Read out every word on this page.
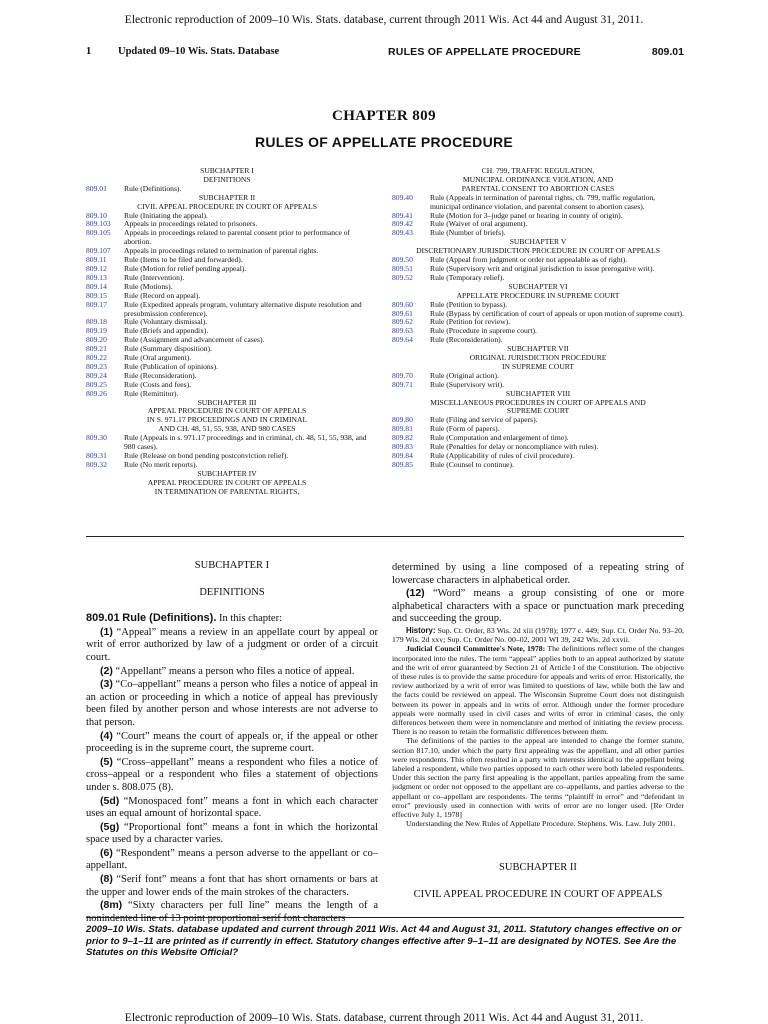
Electronic reproduction of 2009–10 Wis. Stats. database, current through 2011 Wis. Act 44 and August 31, 2011.
1	Updated 09–10 Wis. Stats. Database	RULES OF APPELLATE PROCEDURE	809.01
CHAPTER 809
RULES OF APPELLATE PROCEDURE
SUBCHAPTER I
DEFINITIONS
809.01	Rule (Definitions).
SUBCHAPTER II
CIVIL APPEAL PROCEDURE IN COURT OF APPEALS
809.10	Rule (Initiating the appeal).
809.103	Appeals in proceedings related to prisoners.
809.105	Appeals in proceedings related to parental consent prior to performance of abortion.
809.107	Appeals in proceedings related to termination of parental rights.
809.11	Rule (Items to be filed and forwarded).
809.12	Rule (Motion for relief pending appeal).
809.13	Rule (Intervention).
809.14	Rule (Motions).
809.15	Rule (Record on appeal).
809.17	Rule (Expedited appeals program, voluntary alternative dispute resolution and presubmission conference).
809.18	Rule (Voluntary dismissal).
809.19	Rule (Briefs and appendix).
809.20	Rule (Assignment and advancement of cases).
809.21	Rule (Summary disposition).
809.22	Rule (Oral argument).
809.23	Rule (Publication of opinions).
809.24	Rule (Reconsideration).
809.25	Rule (Costs and fees).
809.26	Rule (Remittitur).
SUBCHAPTER III
APPEAL PROCEDURE IN COURT OF APPEALS
IN S. 971.17 PROCEEDINGS AND IN CRIMINAL
AND CH. 48, 51, 55, 938, AND 980 CASES
809.30	Rule (Appeals in s. 971.17 proceedings and in criminal, ch. 48, 51, 55, 938, and 980 cases).
809.31	Rule (Release on bond pending postconviction relief).
809.32	Rule (No merit reports).
SUBCHAPTER IV
APPEAL PROCEDURE IN COURT OF APPEALS
IN TERMINATION OF PARENTAL RIGHTS,
CH. 799, TRAFFIC REGULATION,
MUNICIPAL ORDINANCE VIOLATION, AND
PARENTAL CONSENT TO ABORTION CASES
809.40	Rule (Appeals in termination of parental rights, ch. 799, traffic regulation, municipal ordinance violation, and parental consent to abortion cases).
809.41	Rule (Motion for 3–judge panel or hearing in county of origin).
809.42	Rule (Waiver of oral argument).
809.43	Rule (Number of briefs).
SUBCHAPTER V
DISCRETIONARY JURISDICTION PROCEDURE IN COURT OF APPEALS
809.50	Rule (Appeal from judgment or order not appealable as of right).
809.51	Rule (Supervisory writ and original jurisdiction to issue prerogative writ).
809.52	Rule (Temporary relief).
SUBCHAPTER VI
APPELLATE PROCEDURE IN SUPREME COURT
809.60	Rule (Petition to bypass).
809.61	Rule (Bypass by certification of court of appeals or upon motion of supreme court).
809.62	Rule (Petition for review).
809.63	Rule (Procedure in supreme court).
809.64	Rule (Reconsideration).
SUBCHAPTER VII
ORIGINAL JURISDICTION PROCEDURE
IN SUPREME COURT
809.70	Rule (Original action).
809.71	Rule (Supervisory writ).
SUBCHAPTER VIII
MISCELLANEOUS PROCEDURES IN COURT OF APPEALS AND
SUPREME COURT
809.80	Rule (Filing and service of papers).
809.81	Rule (Form of papers).
809.82	Rule (Computation and enlargement of time).
809.83	Rule (Penalties for delay or noncompliance with rules).
809.84	Rule (Applicability of rules of civil procedure).
809.85	Rule (Counsel to continue).

SUBCHAPTER I

DEFINITIONS

809.01 Rule (Definitions). In this chapter:

(1) “Appeal” means a review in an appellate court by appeal or writ of error authorized by law of a judgment or order of a circuit court.

(2) “Appellant” means a person who files a notice of appeal.

(3) “Co–appellant” means a person who files a notice of appeal in an action or proceeding in which a notice of appeal has previously been filed by another person and whose interests are not adverse to that person.

(4) “Court” means the court of appeals or, if the appeal or other proceeding is in the supreme court, the supreme court.

(5) “Cross–appellant” means a respondent who files a notice of cross–appeal or a respondent who files a statement of objections under s. 808.075 (8).

(5d) “Monospaced font” means a font in which each character uses an equal amount of horizontal space.

(5g) “Proportional font” means a font in which the horizontal space used by a character varies.

(6) “Respondent” means a person adverse to the appellant or co–appellant.

(8) “Serif font” means a font that has short ornaments or bars at the upper and lower ends of the main strokes of the characters.

(8m) “Sixty characters per full line” means the length of a nonindented line of 13 point proportional serif font characters

determined by using a line composed of a repeating string of lowercase characters in alphabetical order.

(12) “Word” means a group consisting of one or more alphabetical characters with a space or punctuation mark preceding and succeeding the group.

History: Sup. Ct. Order, 83 Wis. 2d xiii (1978); 1977 c. 449; Sup. Ct. Order No. 93–20, 179 Wis. 2d xxv; Sup. Ct. Order No. 00–02, 2001 WI 39, 242 Wis. 2d xxvii.

Judicial Council Committee's Note, 1978: The definitions reflect some of the changes incorporated into the rules. The term “appeal” applies both to an appeal authorized by statute and the writ of error guaranteed by Section 21 of Article I of the Constitution. The objective of these rules is to provide the same procedure for appeals and writs of error. Historically, the review authorized by a writ of error was limited to questions of law, while both the law and the facts could be reviewed on appeal. The Wisconsin Supreme Court does not distinguish between its power in appeals and in writs of error. Although under the former procedure appeals were normally used in civil cases and writs of error in criminal cases, the only differences between them were in nomenclature and method of initiating the review process. There is no reason to retain the formalistic differences between them.

The definitions of the parties to the appeal are intended to change the former statute, section 817.10, under which the party first appealing was the appellant, and all other parties were respondents. This often resulted in a party with interests identical to the appellant being labeled a respondent, while two parties opposed to each other were both labeled respondents. Under this section the party first appealing is the appellant, parties appealing from the same judgment or order not opposed to the appellant are co–appellants, and parties adverse to the appellant or co–appellant are respondents. The terms “plaintiff in error” and “defendant in error” previously used in connection with writs of error are no longer used. [Re Order effective July 1, 1978]

Understanding the New Rules of Appellate Procedure. Stephens. Wis. Law. July 2001.

SUBCHAPTER II

CIVIL APPEAL PROCEDURE IN COURT OF APPEALS

2009–10 Wis. Stats. database updated and current through 2011 Wis. Act 44 and August 31, 2011. Statutory changes effective on or prior to 9–1–11 are printed as if currently in effect. Statutory changes effective after 9–1–11 are designated by NOTES. See Are the Statutes on this Website Official?
Electronic reproduction of 2009–10 Wis. Stats. database, current through 2011 Wis. Act 44 and August 31, 2011.
